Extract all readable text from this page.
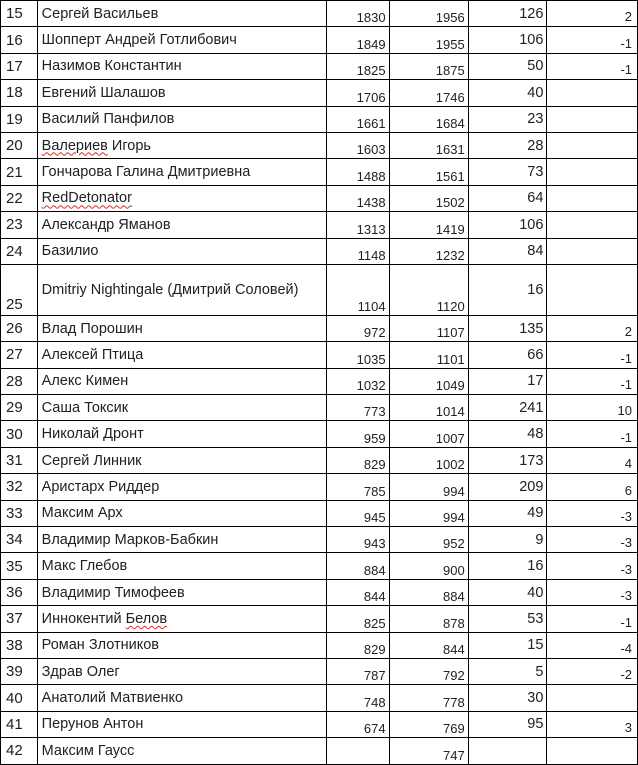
15	Сергей Васильев	1830	1956	126	2
16	Шопперт Андрей Готлибович	1849	1955	106	-1
17	Назимов Константин	1825	1875	50	-1
18	Евгений Шалашов	1706	1746	40	
19	Василий Панфилов	1661	1684	23	
20	Валериев Игорь	1603	1631	28	
21	Гончарова Галина Дмитриевна	1488	1561	73	
22	RedDetonator	1438	1502	64	
23	Александр Яманов	1313	1419	106	
24	Базилио	1148	1232	84	
25	Dmitriy Nightingale (Дмитрий Соловей)	1104	1120	16	
26	Влад Порошин	972	1107	135	2
27	Алексей Птица	1035	1101	66	-1
28	Алекс Кимен	1032	1049	17	-1
29	Саша Токсик	773	1014	241	10
30	Николай Дронт	959	1007	48	-1
31	Сергей Линник	829	1002	173	4
32	Аристарх Риддер	785	994	209	6
33	Максим Арх	945	994	49	-3
34	Владимир Марков-Бабкин	943	952	9	-3
35	Макс Глебов	884	900	16	-3
36	Владимир Тимофеев	844	884	40	-3
37	Иннокентий Белов	825	878	53	-1
38	Роман Злотников	829	844	15	-4
39	Здрав Олег	787	792	5	-2
40	Анатолий Матвиенко	748	778	30	
41	Перунов Антон	674	769	95	3
42	Максим Гаусс		747		
